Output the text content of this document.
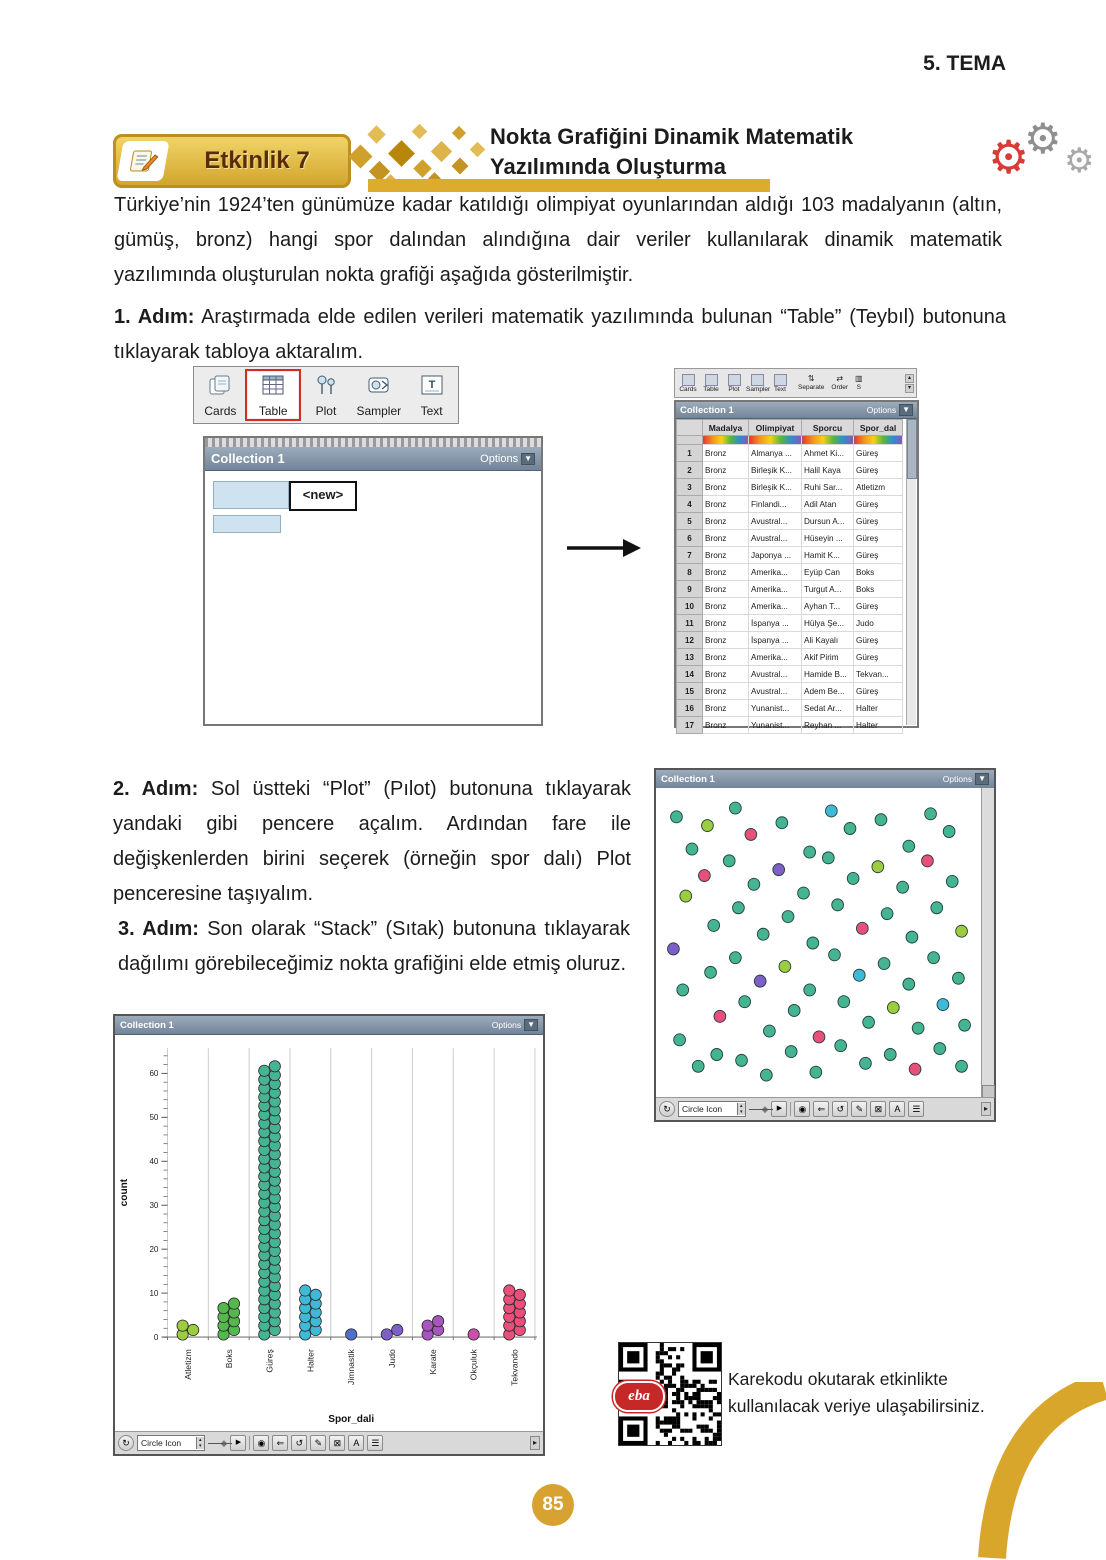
5. TEMA
Etkinlik 7
Nokta Grafiğini Dinamik Matematik
Yazılımında Oluşturma	⚙
⚙ ⚙

Türkiye’nin 1924’ten günümüze kadar katıldığı olimpiyat oyunlarından aldığı 103 madalyanın (altın, gümüş, bronz) hangi spor dalından alındığına dair veriler kullanılarak dinamik matematik yazılımında oluşturulan nokta grafiği aşağıda gösterilmiştir.

1. Adım: Araştırmada elde edilen verileri matematik yazılımında bulunan “Table” (Teybıl) butonuna tıklayarak tabloya aktaralım.

Cards	Table	Plot	Sampler
T
Text
Collection 1	Options ▼
<new>
Cards	Table	Plot Sampler Text
⇅
Separate
⇄
Order
▥
S
▴
▾
Collection 1	Options ▼
	Madalya	Olimpiyat	Sporcu	Spor_dal

1	Bronz	Almanya ...	Ahmet Ki...	Güreş
2	Bronz	Birleşik K...	Halil Kaya	Güreş
3	Bronz	Birleşik K...	Ruhi Sar...	Atletizm
4	Bronz	Finlandi...	Adil Atan	Güreş
5	Bronz	Avustral...	Dursun A...	Güreş
6	Bronz	Avustral...	Hüseyin ...	Güreş
7	Bronz	Japonya ...	Hamit K...	Güreş
8	Bronz	Amerika...	Eyüp Can	Boks
9	Bronz	Amerika...	Turgut A...	Boks
10	Bronz	Amerika...	Ayhan T...	Güreş
11	Bronz	İspanya ...	Hülya Şe...	Judo
12	Bronz	İspanya ...	Ali Kayalı	Güreş
13	Bronz	Amerika...	Akif Pirim	Güreş
14	Bronz	Avustral...	Hamide B...	Tekvan...
15	Bronz	Avustral...	Adem Be...	Güreş
16	Bronz	Yunanist...	Sedat Ar...	Halter
17	Bronz	Yunanist...	Reyhan ...	Halter

2. Adım: Sol üstteki “Plot” (Pılot) butonuna tıklayarak yandaki gibi pencere açalım. Ardından fare ile değişkenlerden birini seçerek (örneğin spor dalı) Plot penceresine taşıyalım.

3. Adım: Son olarak “Stack” (Sıtak) butonuna tıklayarak dağılımı görebileceğimiz nokta grafiğini elde etmiş oluruz.

Collection 1	Options ▼
↻	Circle Icon	▴
▾	▶	◉	⇐	↺	✎	⊠	A	☰	▸
Collection 1	Options ▼
0
10
20
30
40
50
60
Atletizm	Boks	Güreş	Halter	Jimnastik	Judo	Karate	Okçuluk	Tekvando
Spor_dali
count
↻	Circle Icon	▴
▾	▶	◉	⇐	↺	✎	⊠	A	☰	▸
eba

Karekodu okutarak etkinlikte kullanılacak veriye ulaşabilirsiniz.

85
